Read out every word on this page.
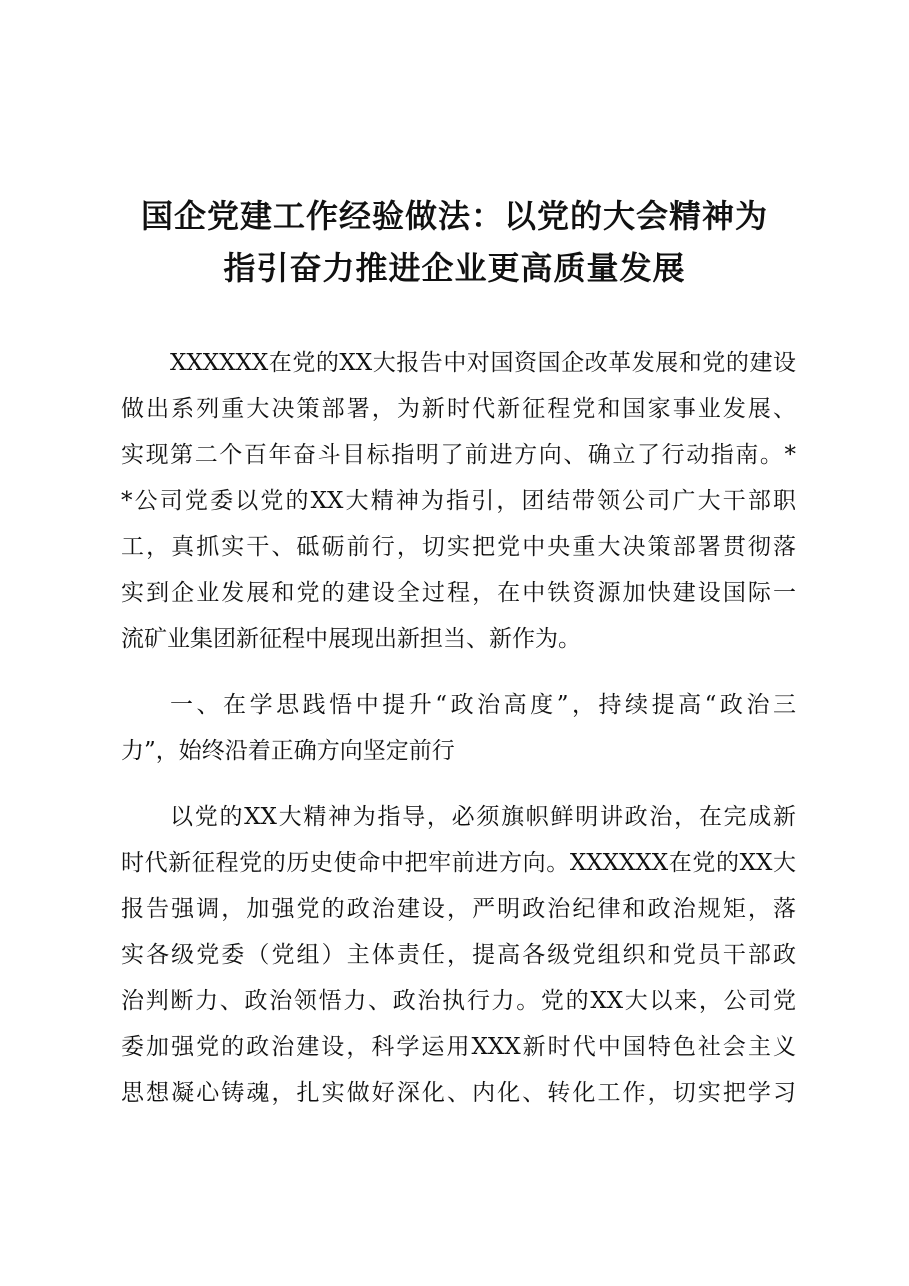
国企党建工作经验做法：以党的大会精神为
指引奋力推进企业更高质量发展
XXXXXX在党的XX大报告中对国资国企改革发展和党的建设
做出系列重大决策部署，为新时代新征程党和国家事业发展、
实现第二个百年奋斗目标指明了前进方向、确立了行动指南。*
*公司党委以党的XX大精神为指引，团结带领公司广大干部职
工，真抓实干、砥砺前行，切实把党中央重大决策部署贯彻落
实到企业发展和党的建设全过程，在中铁资源加快建设国际一
流矿业集团新征程中展现出新担当、新作为。
一、在学思践悟中提升“政治高度”，持续提高“政治三
力”，始终沿着正确方向坚定前行
以党的XX大精神为指导，必须旗帜鲜明讲政治，在完成新
时代新征程党的历史使命中把牢前进方向。XXXXXX在党的XX大
报告强调，加强党的政治建设，严明政治纪律和政治规矩，落
实各级党委（党组）主体责任，提高各级党组织和党员干部政
治判断力、政治领悟力、政治执行力。党的XX大以来，公司党
委加强党的政治建设，科学运用XXX新时代中国特色社会主义
思想凝心铸魂，扎实做好深化、内化、转化工作，切实把学习
